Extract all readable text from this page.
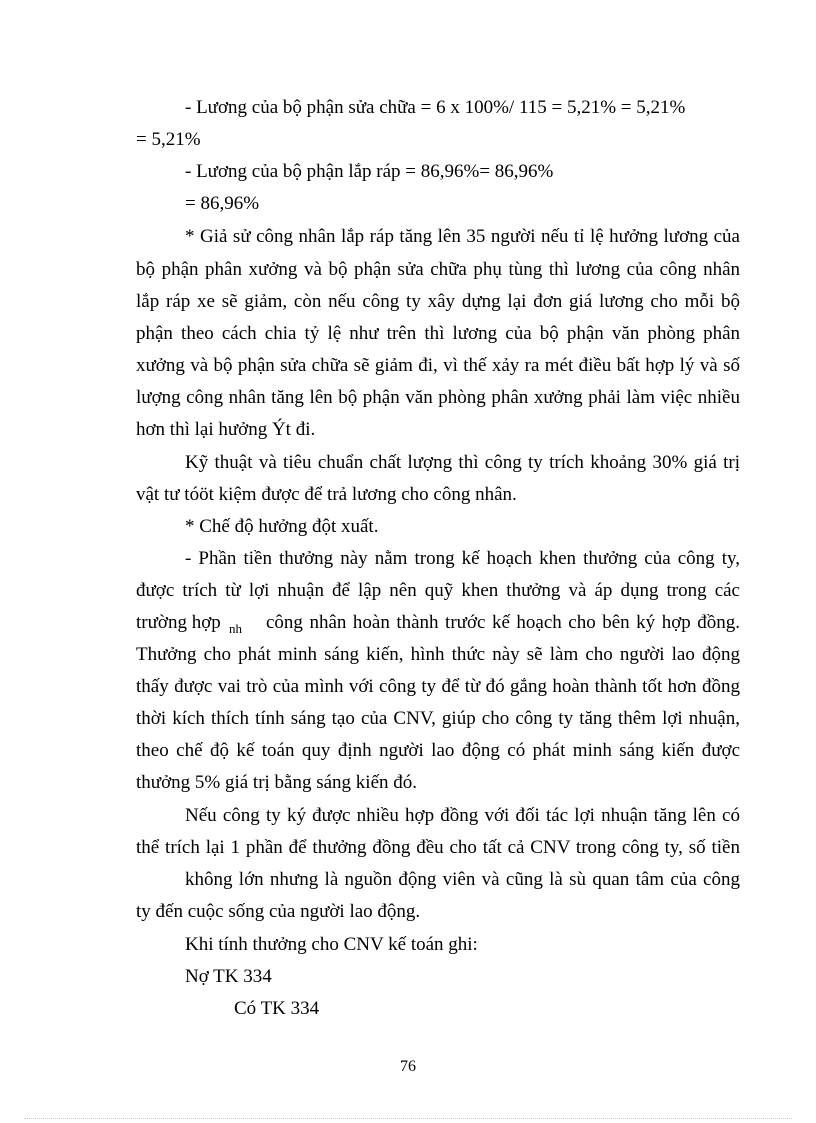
- Lương của bộ phận sửa chữa = 6 x 100%/ 115 = 5,21% = 5,21%
= 5,21%
- Lương của bộ phận lắp ráp = 86,96%= 86,96%
= 86,96%
* Giả sử công nhân lắp ráp tăng lên 35 người nếu tỉ lệ hưởng lương của
bộ phận phân xưởng và bộ phận sửa chữa phụ tùng thì lương của công nhân
lắp ráp xe sẽ giảm, còn nếu công ty xây dựng lại đơn giá lương cho mỗi bộ
phận theo cách chia tỷ lệ như trên thì lương của bộ phận văn phòng phân
xưởng và bộ phận sửa chữa sẽ giảm đi, vì thế xảy ra mét điều bất hợp lý và số
lượng công nhân tăng lên bộ phận văn phòng phân xưởng phải làm việc nhiều
hơn thì lại hưởng Ýt đi.
Kỹ thuật và tiêu chuẩn chất lượng thì công ty trích khoảng 30% giá trị
vật tư tóöt kiệm được để trả lương cho công nhân.
* Chế độ hưởng đột xuất.
- Phần tiền thưởng này nằm trong kế hoạch khen thưởng của công ty,
được trích từ lợi nhuận để lập nên quỹ khen thưởng và áp dụng trong các
trường hợp nh công nhân hoàn thành trước kế hoạch cho bên ký hợp đồng.
Thưởng cho phát minh sáng kiến, hình thức này sẽ làm cho người lao động
thấy được vai trò của mình với công ty để từ đó gắng hoàn thành tốt hơn đồng
thời kích thích tính sáng tạo của CNV, giúp cho công ty tăng thêm lợi nhuận,
theo chế độ kế toán quy định người lao động có phát minh sáng kiến được
thưởng 5% giá trị bằng sáng kiến đó.
Nếu công ty ký được nhiều hợp đồng với đối tác lợi nhuận tăng lên có
thể trích lại 1 phần để thưởng đồng đều cho tất cả CNV trong công ty, số tiền
không lớn nhưng là nguồn động viên và cũng là sù quan tâm của công
ty đến cuộc sống của người lao động.
Khi tính thưởng cho CNV kế toán ghi:
Nợ TK 334
Có TK 334
76
